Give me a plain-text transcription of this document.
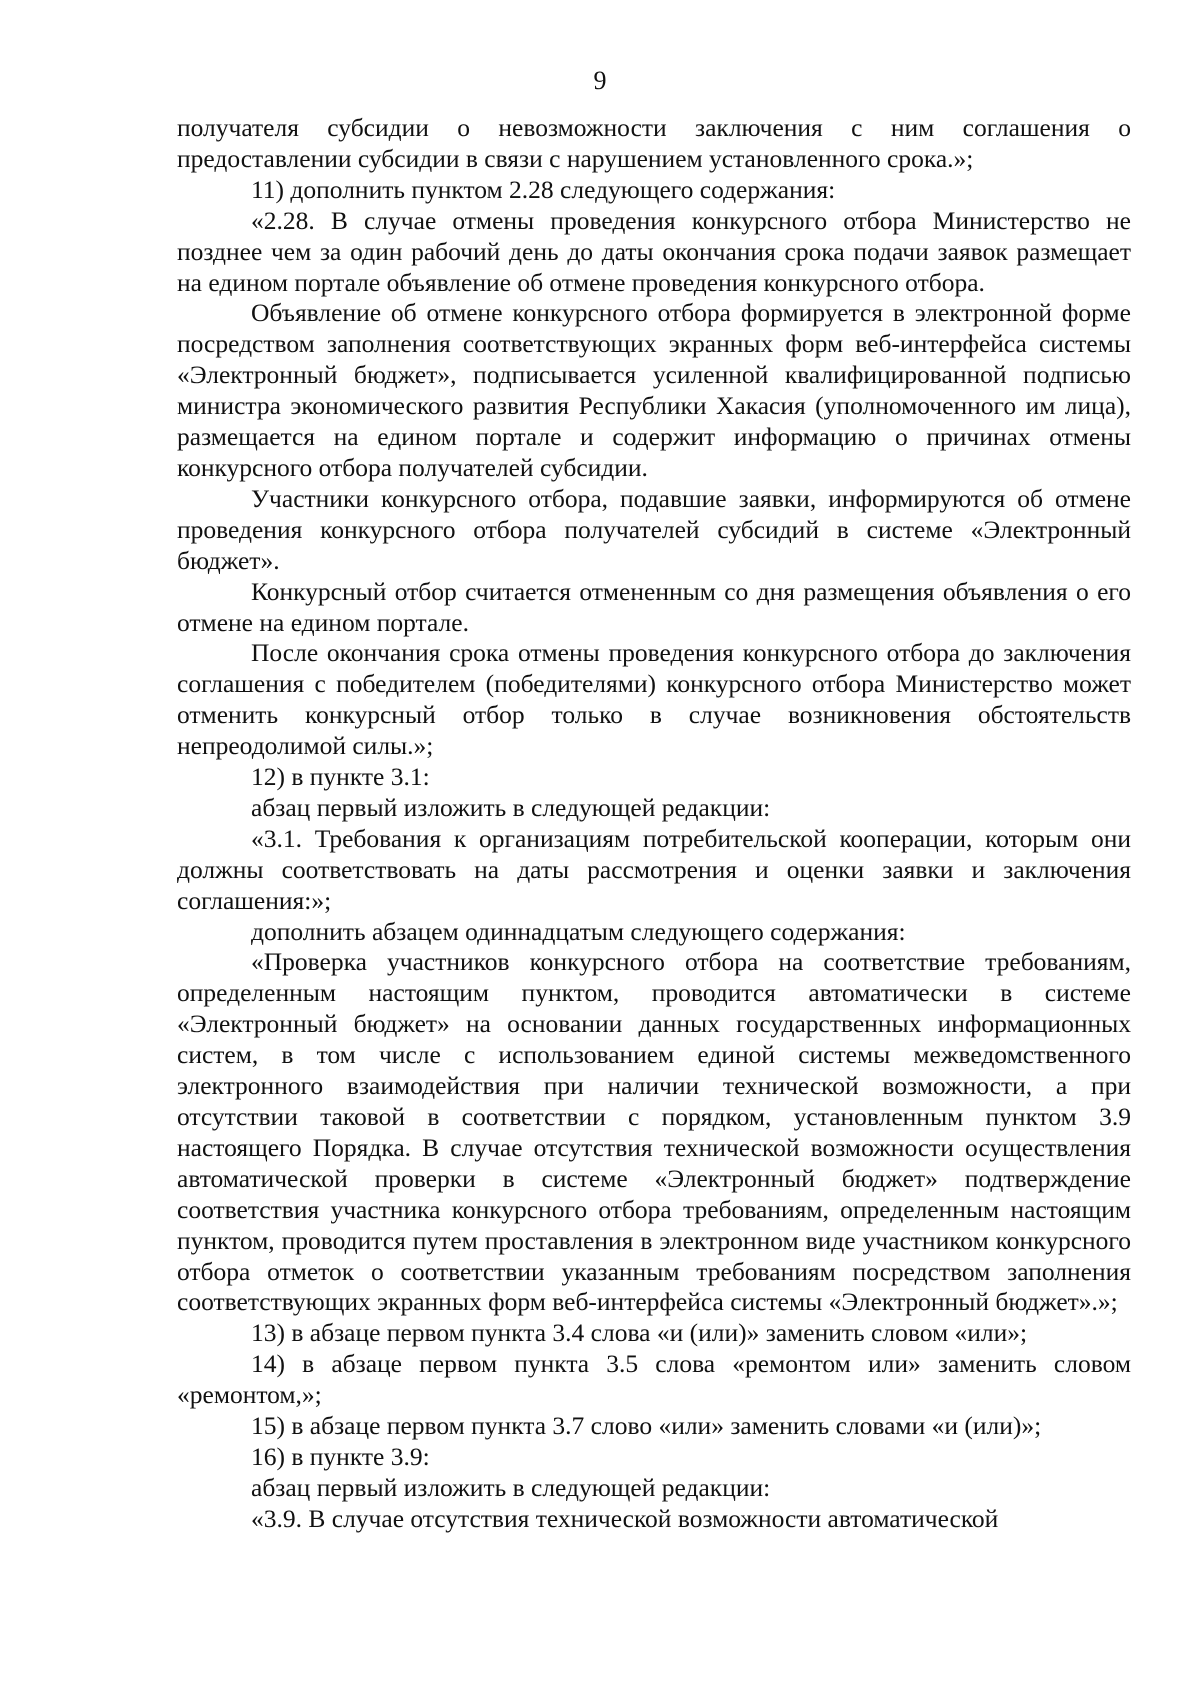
9

получателя субсидии о невозможности заключения с ним соглашения о предоставлении субсидии в связи с нарушением установленного срока.»;

11) дополнить пунктом 2.28 следующего содержания:

«2.28. В случае отмены проведения конкурсного отбора Министерство не позднее чем за один рабочий день до даты окончания срока подачи заявок размещает на едином портале объявление об отмене проведения конкурсного отбора.

Объявление об отмене конкурсного отбора формируется в электронной форме посредством заполнения соответствующих экранных форм веб-интерфейса системы «Электронный бюджет», подписывается усиленной квалифицированной подписью министра экономического развития Республики Хакасия (уполномоченного им лица), размещается на едином портале и содержит информацию о причинах отмены конкурсного отбора получателей субсидии.

Участники конкурсного отбора, подавшие заявки, информируются об отмене проведения конкурсного отбора получателей субсидий в системе «Электронный бюджет».

Конкурсный отбор считается отмененным со дня размещения объявления о его отмене на едином портале.

После окончания срока отмены проведения конкурсного отбора до заключения соглашения с победителем (победителями) конкурсного отбора Министерство может отменить конкурсный отбор только в случае возникновения обстоятельств непреодолимой силы.»;

12) в пункте 3.1:

абзац первый изложить в следующей редакции:

«3.1. Требования к организациям потребительской кооперации, которым они должны соответствовать на даты рассмотрения и оценки заявки и заключения соглашения:»;

дополнить абзацем одиннадцатым следующего содержания:

«Проверка участников конкурсного отбора на соответствие требованиям, определенным настоящим пунктом, проводится автоматически в системе «Электронный бюджет» на основании данных государственных информационных систем, в том числе с использованием единой системы межведомственного электронного взаимодействия при наличии технической возможности, а при отсутствии таковой в соответствии с порядком, установленным пунктом 3.9 настоящего Порядка. В случае отсутствия технической возможности осуществления автоматической проверки в системе «Электронный бюджет» подтверждение соответствия участника конкурсного отбора требованиям, определенным настоящим пунктом, проводится путем проставления в электронном виде участником конкурсного отбора отметок о соответствии указанным требованиям посредством заполнения соответствующих экранных форм веб-интерфейса системы «Электронный бюджет».»;

13) в абзаце первом пункта 3.4 слова «и (или)» заменить словом «или»;

14) в абзаце первом пункта 3.5 слова «ремонтом или» заменить словом «ремонтом,»;

15) в абзаце первом пункта 3.7 слово «или» заменить словами «и (или)»;

16) в пункте 3.9:

абзац первый изложить в следующей редакции:

«3.9. В случае отсутствия технической возможности автоматической
